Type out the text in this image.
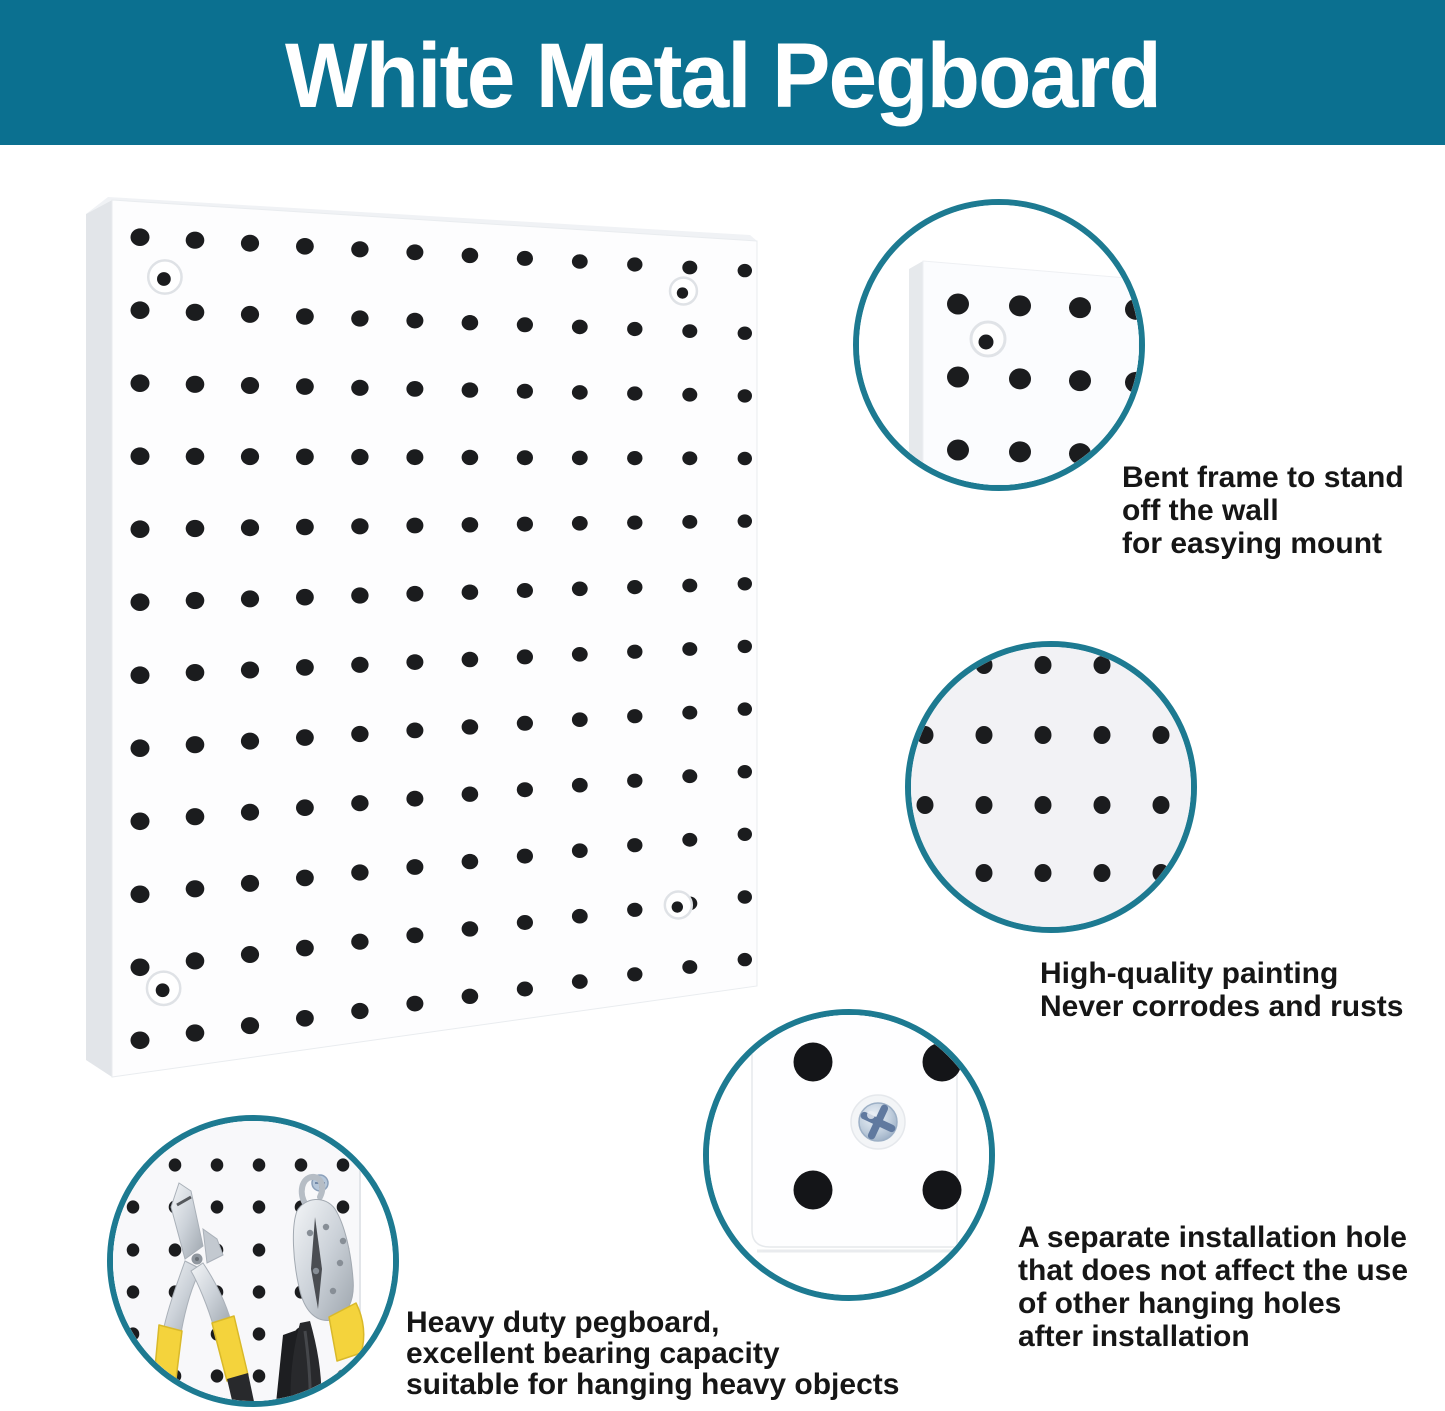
White Metal Pegboard
Bent frame to stand
off the wall
for easying mount
High-quality painting
Never corrodes and rusts
A separate installation hole
that does not affect the use
of other hanging holes
after installation
Heavy duty pegboard,
excellent bearing capacity
suitable for hanging heavy objects
